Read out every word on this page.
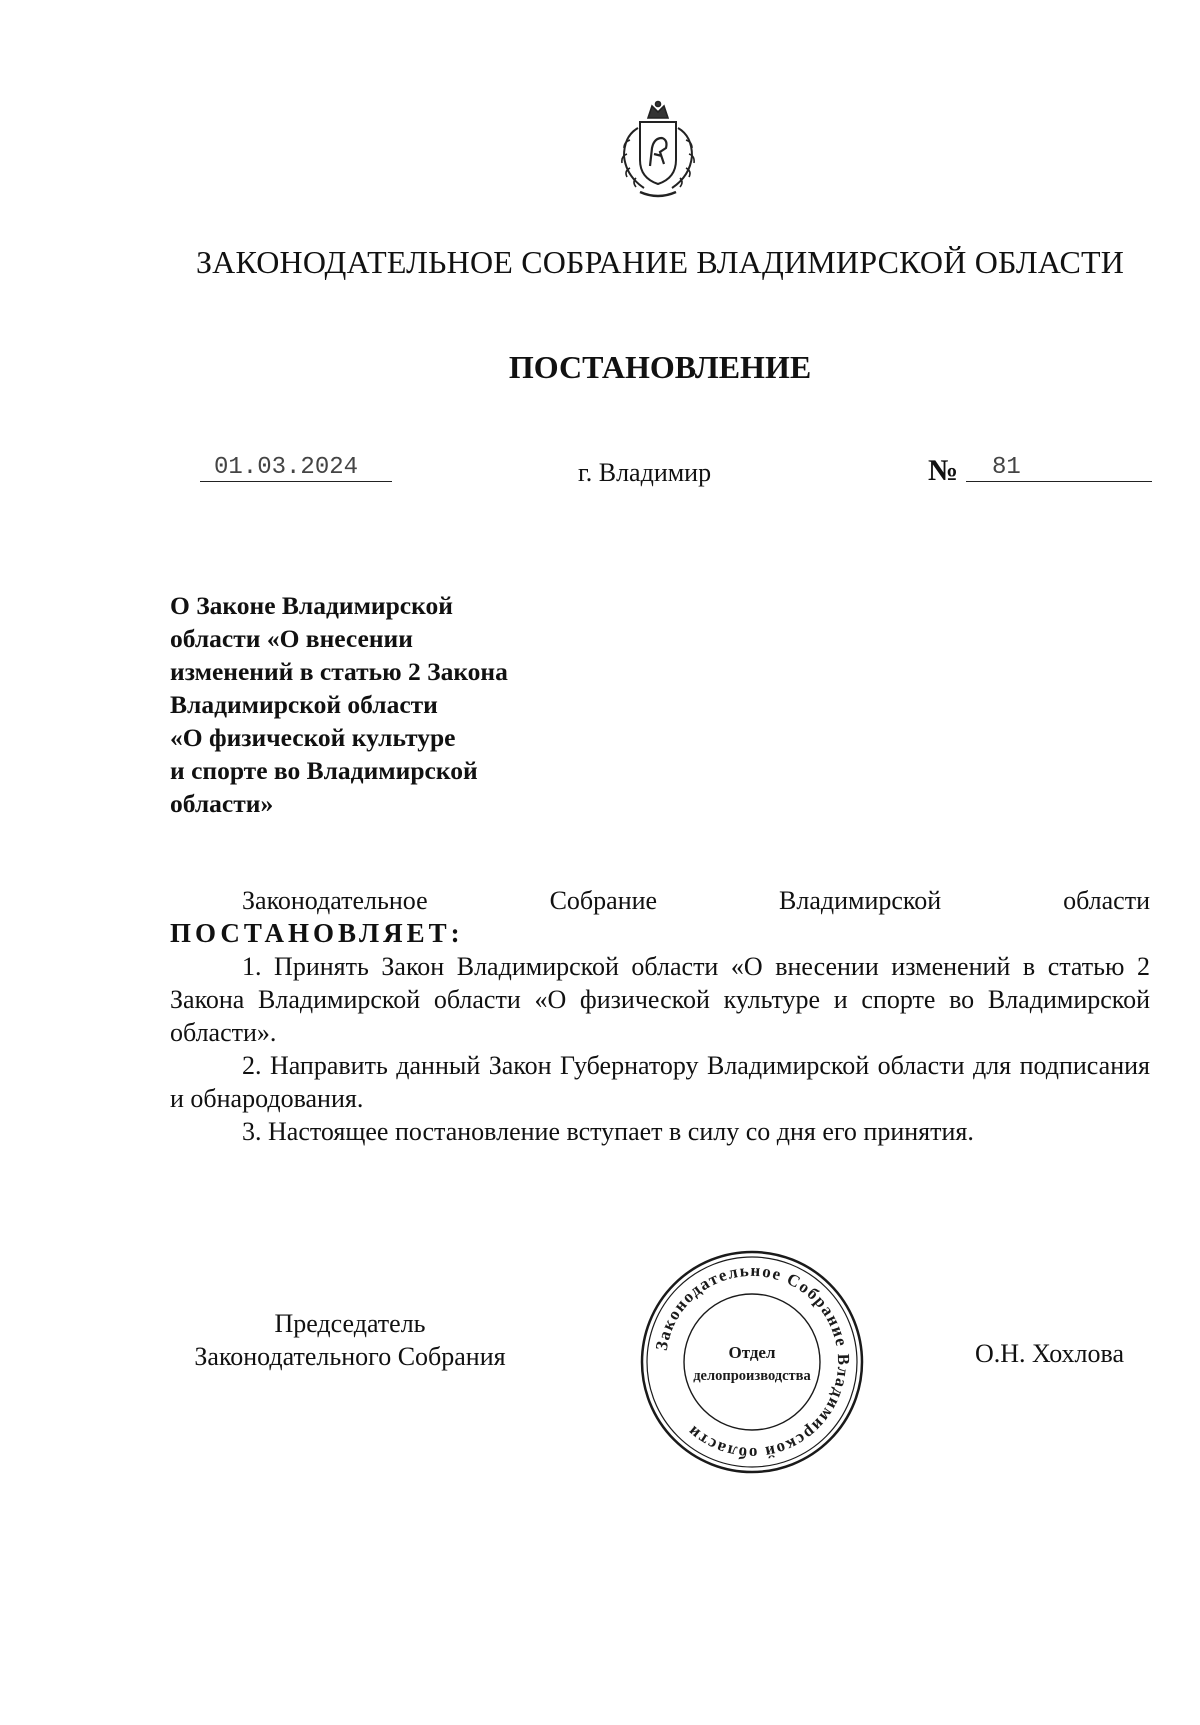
ЗАКОНОДАТЕЛЬНОЕ СОБРАНИЕ ВЛАДИМИРСКОЙ ОБЛАСТИ
ПОСТАНОВЛЕНИЕ
01.03.2024	г. Владимир	№	81
О Законе Владимирской
области «О внесении
изменений в статью 2 Закона
Владимирской области
«О физической культуре
и спорте во Владимирской
области»
Законодательное Собрание Владимирской области
ПОСТАНОВЛЯЕТ:
1. Принять Закон Владимирской области «О внесении изменений в статью 2 Закона Владимирской области «О физической культуре и спорте во Владимирской области».
2. Направить данный Закон Губернатору Владимирской области для подписания и обнародования.
3. Настоящее постановление вступает в силу со дня его принятия.
Председатель
Законодательного Собрания	О.Н. Хохлова
Законодательное Собрание Владимирской области
Отдел
делопроизводства
